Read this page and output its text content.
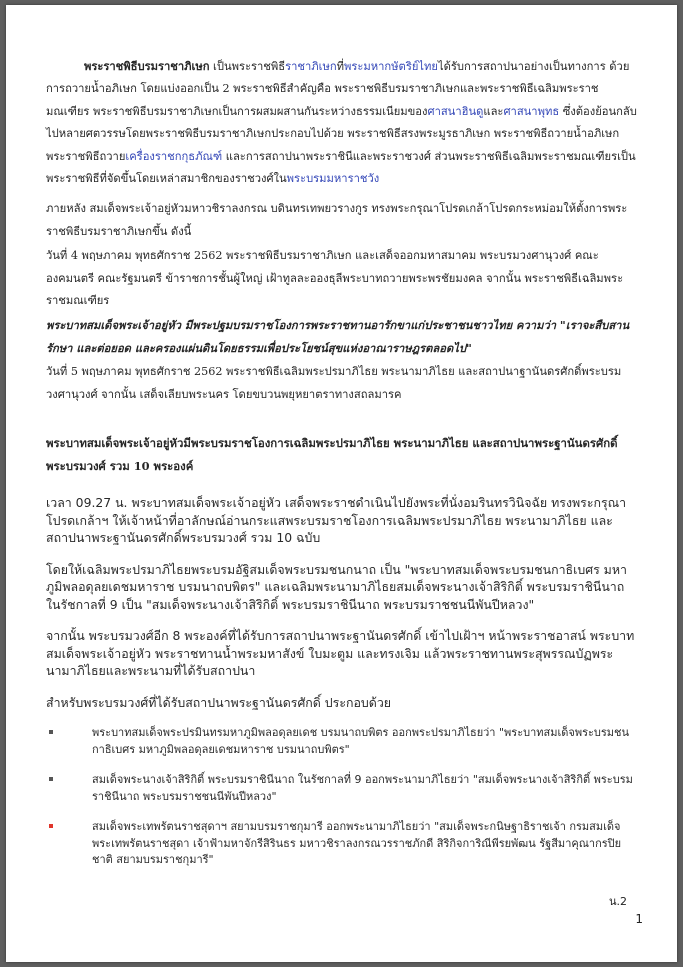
พระราชพิธีบรมราชาภิเษก เป็นพระราชพิธีราชาภิเษกที่พระมหากษัตริย์ไทยได้รับการสถาปนาอย่างเป็นทางการ ด้วยการถวายน้ำอภิเษก โดยแบ่งออกเป็น 2 พระราชพิธีสำคัญคือ พระราชพิธีบรมราชาภิเษกและพระราชพิธีเฉลิมพระราชมณเฑียร พระราชพิธีบรมราชาภิเษกเป็นการผสมผสานกันระหว่างธรรมเนียมของศาสนาฮินดูและศาสนาพุทธ ซึ่งต้องย้อนกลับไปหลายศตวรรษโดยพระราชพิธีบรมราชาภิเษกประกอบไปด้วย พระราชพิธีสรงพระมูรธาภิเษก พระราชพิธีถวายน้ำอภิเษก พระราชพิธีถวายเครื่องราชกกุธภัณฑ์ และการสถาปนาพระราชินีและพระราชวงศ์ ส่วนพระราชพิธีเฉลิมพระราชมณเฑียรเป็นพระราชพิธีที่จัดขึ้นโดยเหล่าสมาชิกของราชวงศ์ในพระบรมมหาราชวัง

ภายหลัง สมเด็จพระเจ้าอยู่หัวมหาวชิราลงกรณ บดินทรเทพยวรางกูร ทรงพระกรุณาโปรดเกล้าโปรดกระหม่อมให้ตั้งการพระราชพิธีบรมราชาภิเษกขึ้น ดังนี้

วันที่ 4 พฤษภาคม พุทธศักราช 2562 พระราชพิธีบรมราชาภิเษก และเสด็จออกมหาสมาคม พระบรมวงศานุวงศ์ คณะองคมนตรี คณะรัฐมนตรี ข้าราชการชั้นผู้ใหญ่ เฝ้าทูลละอองธุลีพระบาทถวายพระพรชัยมงคล จากนั้น พระราชพิธีเฉลิมพระราชมณเฑียร

พระบาทสมเด็จพระเจ้าอยู่หัว มีพระปฐมบรมราชโองการพระราชทานอารักขาแก่ประชาชนชาวไทย ความว่า "เราจะสืบสาน รักษา และต่อยอด และครองแผ่นดินโดยธรรมเพื่อประโยชน์สุขแห่งอาณาราษฎรตลอดไป"

วันที่ 5 พฤษภาคม พุทธศักราช 2562 พระราชพิธีเฉลิมพระปรมาภิไธย พระนามาภิไธย และสถาปนาฐานันดรศักดิ์พระบรมวงศานุวงศ์ จากนั้น เสด็จเลียบพระนคร โดยขบวนพยุหยาตราทางสถลมารค

พระบาทสมเด็จพระเจ้าอยู่หัวมีพระบรมราชโองการเฉลิมพระปรมาภิไธย พระนามาภิไธย และสถาปนาพระฐานันดรศักดิ์ พระบรมวงศ์ รวม 10 พระองค์

เวลา 09.27 น. พระบาทสมเด็จพระเจ้าอยู่หัว เสด็จพระราชดำเนินไปยังพระที่นั่งอมรินทรวินิจฉัย ทรงพระกรุณาโปรดเกล้าฯ ให้เจ้าหน้าที่อาลักษณ์อ่านกระแสพระบรมราชโองการเฉลิมพระปรมาภิไธย พระนามาภิไธย และสถาปนาพระฐานันดรศักดิ์พระบรมวงศ์ รวม 10 ฉบับ

โดยให้เฉลิมพระปรมาภิไธยพระบรมอัฐิสมเด็จพระบรมชนกนาถ เป็น "พระบาทสมเด็จพระบรมชนกาธิเบศร มหาภูมิพลอดุลยเดชมหาราช บรมนาถบพิตร" และเฉลิมพระนามาภิไธยสมเด็จพระนางเจ้าสิริกิติ์ พระบรมราชินีนาถ ในรัชกาลที่ 9 เป็น "สมเด็จพระนางเจ้าสิริกิติ์ พระบรมราชินีนาถ พระบรมราชชนนีพันปีหลวง"

จากนั้น พระบรมวงศ์อีก 8 พระองค์ที่ได้รับการสถาปนาพระฐานันดรศักดิ์ เข้าไปเฝ้าฯ หน้าพระราชอาสน์ พระบาทสมเด็จพระเจ้าอยู่หัว พระราชทานน้ำพระมหาสังข์ ใบมะตูม และทรงเจิม แล้วพระราชทานพระสุพรรณบัฏพระนามาภิไธยและพระนามที่ได้รับสถาปนา

สำหรับพระบรมวงศ์ที่ได้รับสถาปนาพระฐานันดรศักดิ์ ประกอบด้วย

พระบาทสมเด็จพระปรมินทรมหาภูมิพลอดุลยเดช บรมนาถบพิตร ออกพระปรมาภิไธยว่า "พระบาทสมเด็จพระบรมชนกาธิเบศร มหาภูมิพลอดุลยเดชมหาราช บรมนาถบพิตร"
สมเด็จพระนางเจ้าสิริกิติ์ พระบรมราชินีนาถ ในรัชกาลที่ 9 ออกพระนามาภิไธยว่า "สมเด็จพระนางเจ้าสิริกิติ์ พระบรมราชินีนาถ พระบรมราชชนนีพันปีหลวง"
สมเด็จพระเทพรัตนราชสุดาฯ สยามบรมราชกุมารี ออกพระนามาภิไธยว่า "สมเด็จพระกนิษฐาธิราชเจ้า กรมสมเด็จพระเทพรัตนราชสุดา เจ้าฟ้ามหาจักรีสิรินธร มหาวชิราลงกรณวรราชภักดี สิริกิจการิณีพีรยพัฒน รัฐสีมาคุณากรปิยชาติ สยามบรมราชกุมารี"
น.2
1
